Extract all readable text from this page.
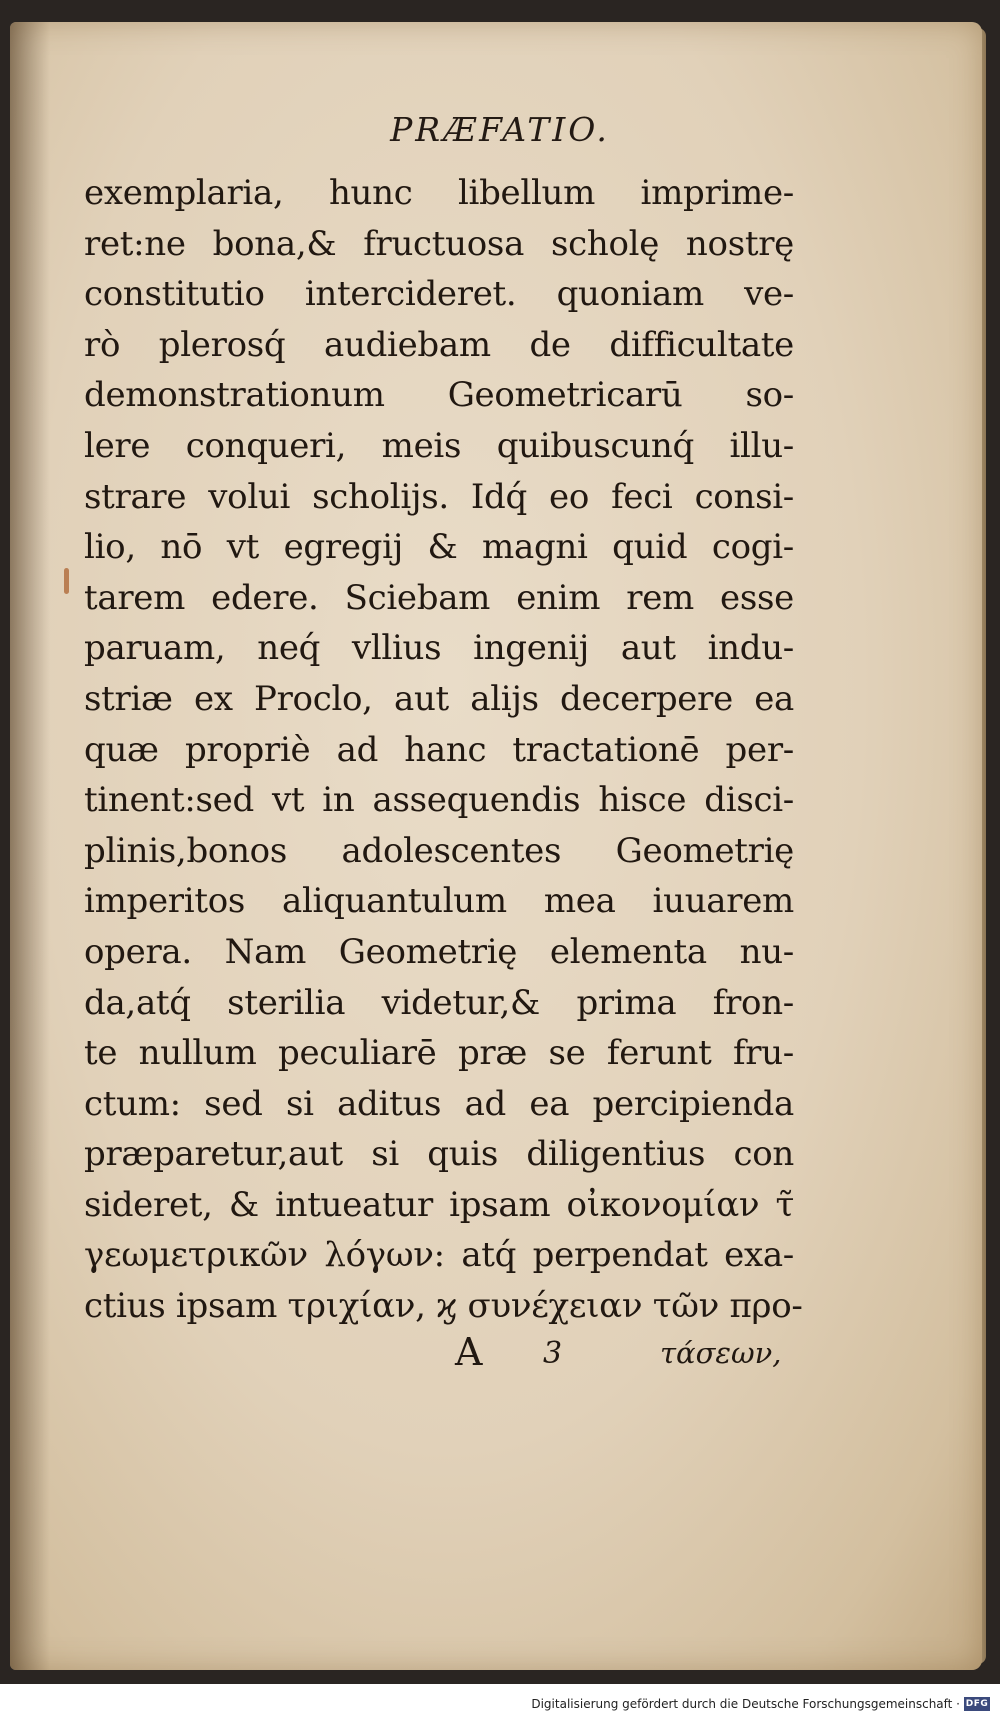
PRÆFATIO.
exemplaria, hunc libellum imprime-
ret:ne bona,& fructuosa scholę nostrę
constitutio intercideret. quoniam ve-
rò plerosq́ audiebam de difficultate
demonstrationum Geometricarū so-
lere conqueri, meis quibuscunq́ illu-
strare volui scholijs. Idq́ eo feci consi-
lio, nō vt egregij & magni quid cogi-
tarem edere. Sciebam enim rem esse
paruam, neq́ vllius ingenij aut indu-
striæ ex Proclo, aut alijs decerpere ea
quæ propriè ad hanc tractationē per-
tinent:sed vt in assequendis hisce disci-
plinis,bonos adolescentes Geometrię
imperitos aliquantulum mea iuuarem
opera. Nam Geometrię elementa nu-
da,atq́ sterilia videtur,& prima fron-
te nullum peculiarē præ se ferunt fru-
ctum: sed si aditus ad ea percipienda
præparetur,aut si quis diligentius con
sideret, & intueatur ipsam οἰκονομίαν τ̃
γεωμετρικῶν λόγων: atq́ perpendat exa-
ctius ipsam τριχίαν, ϗ συνέχειαν τῶν προ-
A 3	τάσεων,
Digitalisierung gefördert durch die Deutsche Forschungsgemeinschaft · DFG
